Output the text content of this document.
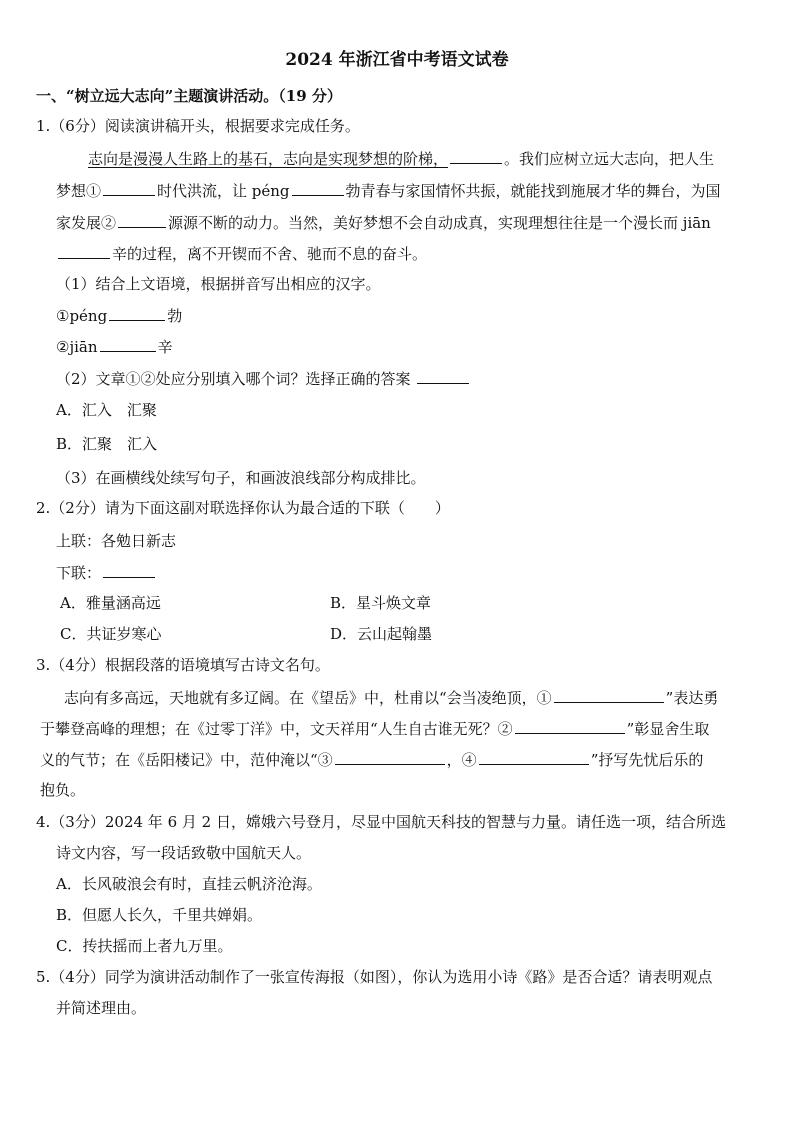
2024 年浙江省中考语文试卷
一、“树立远大志向”主题演讲活动。（19 分）
1.（6分）阅读演讲稿开头，根据要求完成任务。
志向是漫漫人生路上的基石，志向是实现梦想的阶梯，	。我们应树立远大志向，把人生
梦想①	时代洪流，让 péng	勃青春与家国情怀共振，就能找到施展才华的舞台，为国
家发展②	源源不断的动力。当然，美好梦想不会自动成真，实现理想往往是一个漫长而 jiān
辛的过程，离不开锲而不舍、驰而不息的奋斗。
（1）结合上文语境，根据拼音写出相应的汉字。
①péng	勃
②jiān	辛
（2）文章①②处应分别填入哪个词？选择正确的答案
A．汇入　汇聚
B．汇聚　汇入
（3）在画横线处续写句子，和画波浪线部分构成排比。
2.（2分）请为下面这副对联选择你认为最合适的下联（　　）
上联：各勉日新志
下联：
A．雅量涵高远	B．星斗焕文章
C．共证岁寒心	D．云山起翰墨
3.（4分）根据段落的语境填写古诗文名句。
志向有多高远，天地就有多辽阔。在《望岳》中，杜甫以“会当凌绝顶，①	”表达勇
于攀登高峰的理想；在《过零丁洋》中，文天祥用“人生自古谁无死？②	”彰显舍生取
义的气节；在《岳阳楼记》中，范仲淹以“③	，④	”抒写先忧后乐的
抱负。
4.（3分）2024 年 6 月 2 日，嫦娥六号登月，尽显中国航天科技的智慧与力量。请任选一项，结合所选
诗文内容，写一段话致敬中国航天人。
A．长风破浪会有时，直挂云帆济沧海。
B．但愿人长久，千里共婵娟。
C．抟扶摇而上者九万里。
5.（4分）同学为演讲活动制作了一张宣传海报（如图），你认为选用小诗《路》是否合适？请表明观点
并简述理由。
